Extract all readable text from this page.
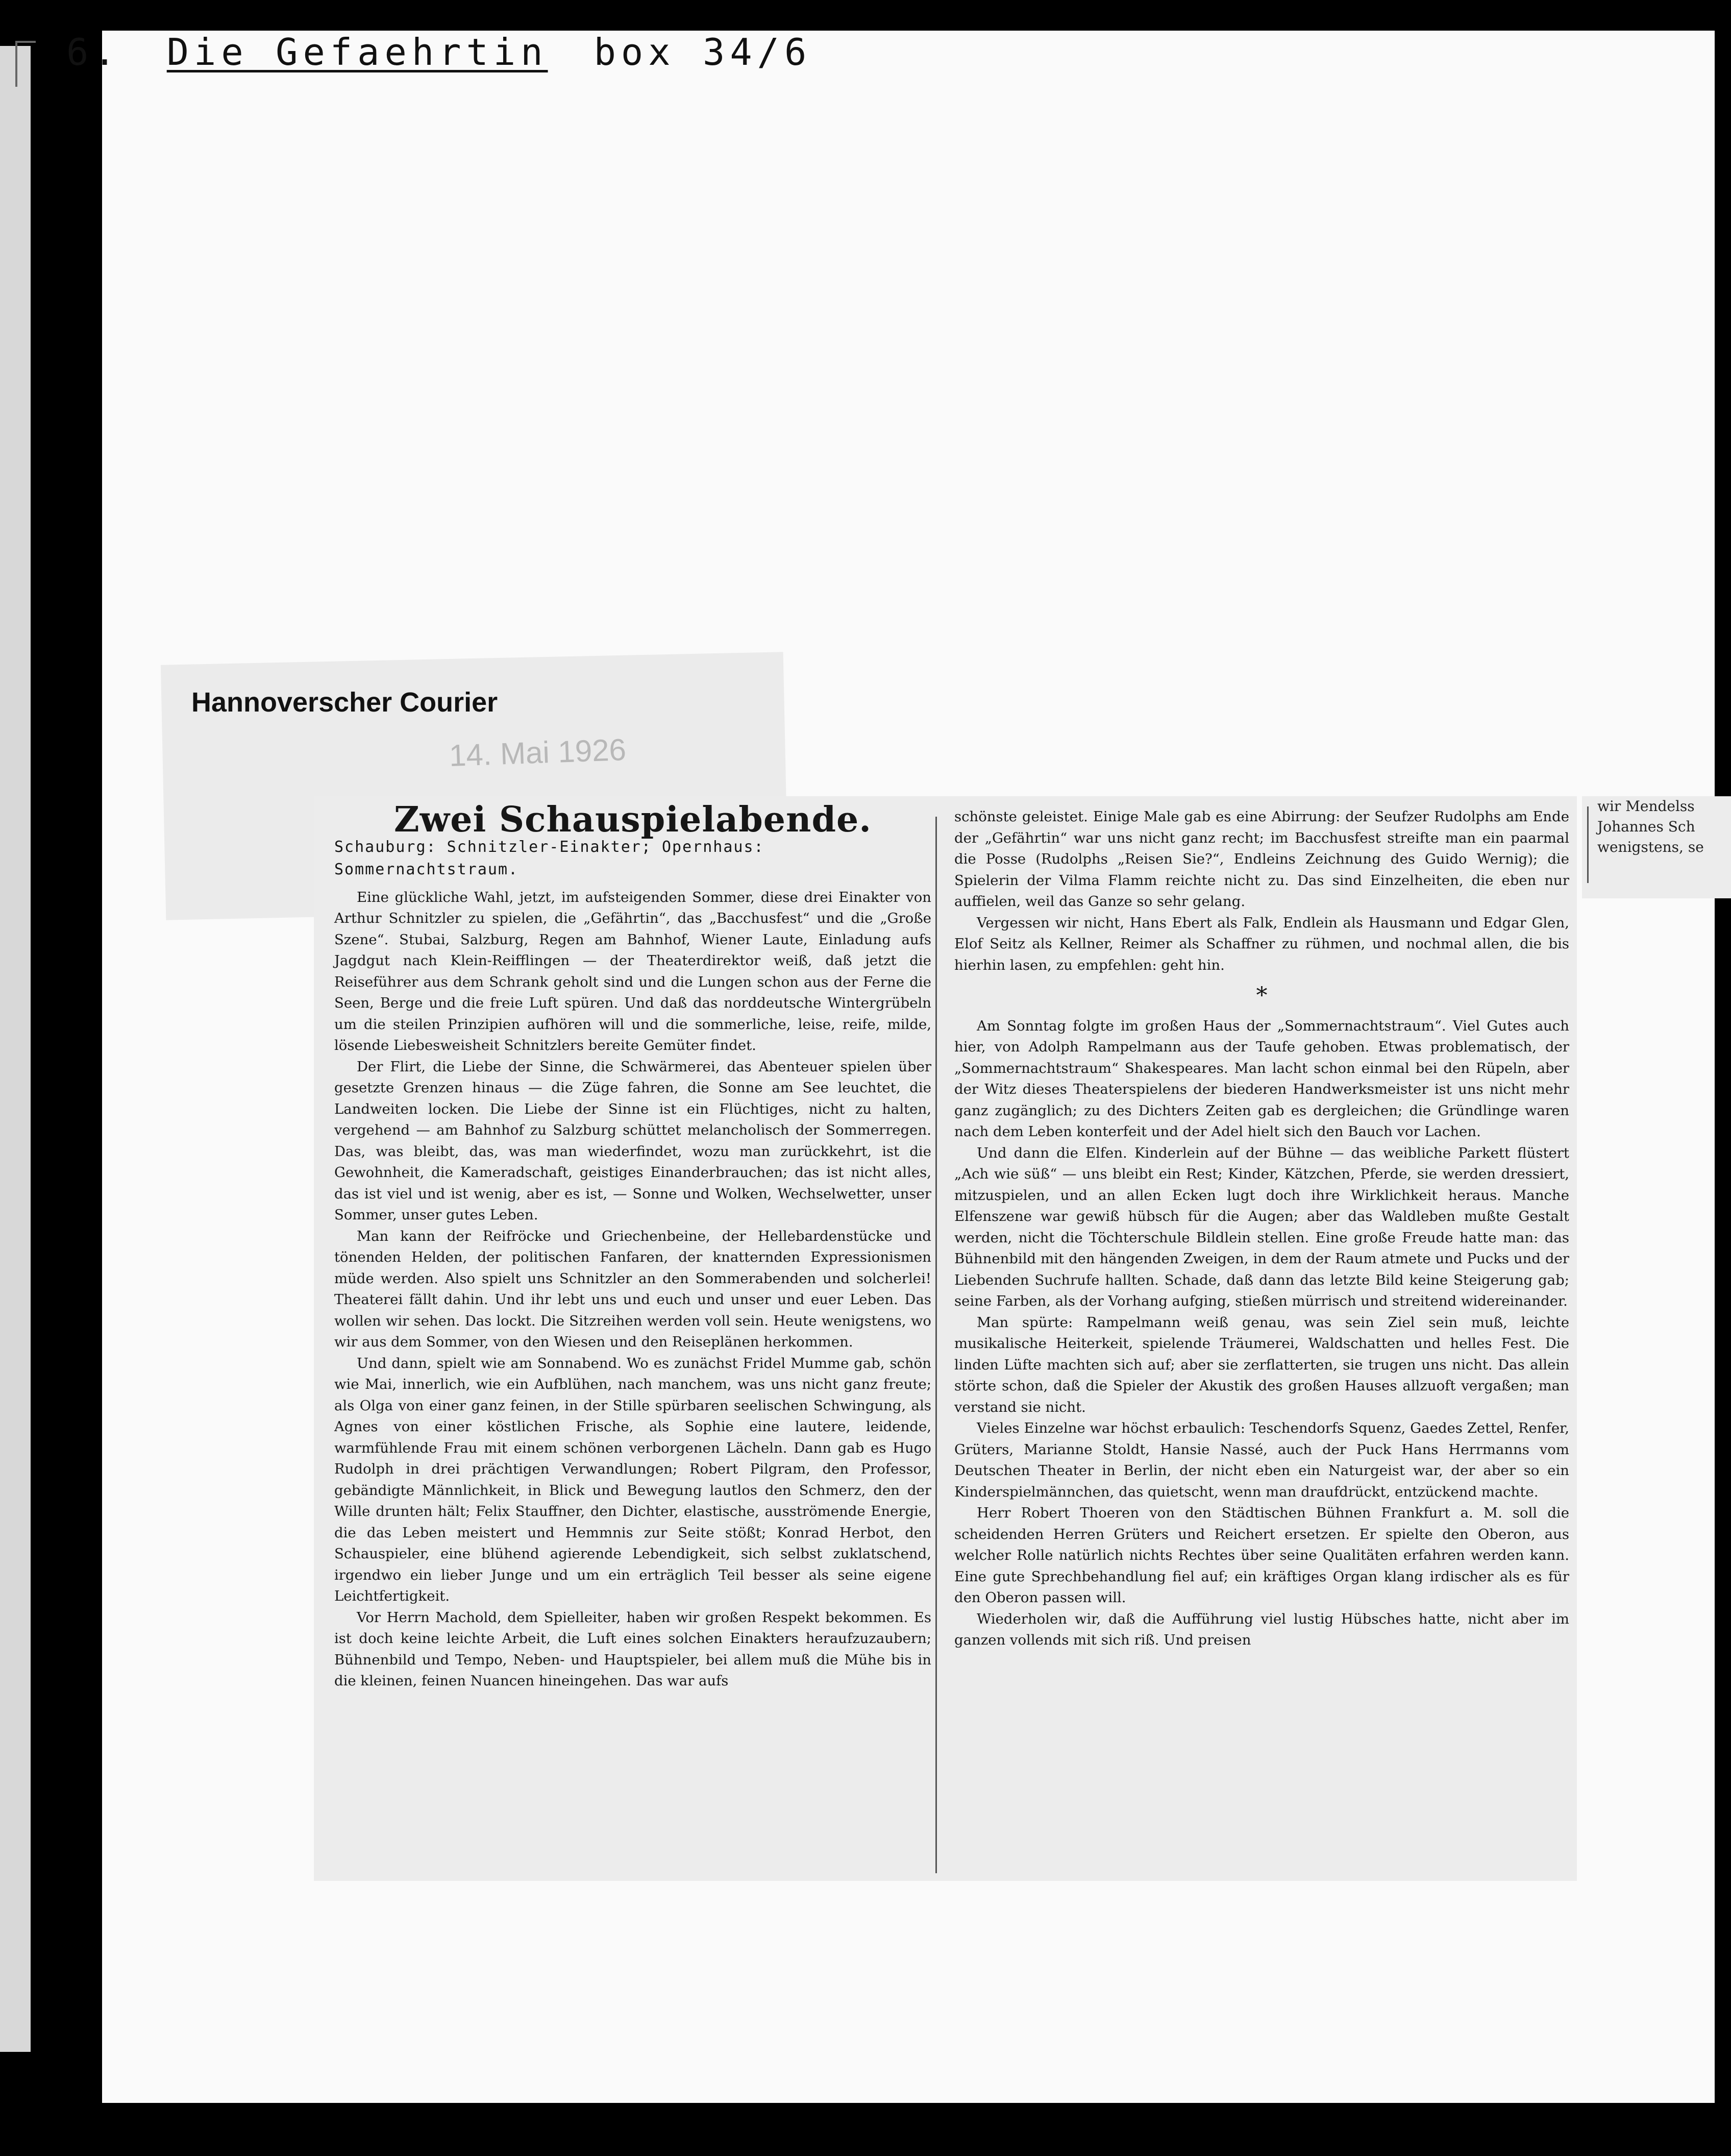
6. Die Gefaehrtin box 34/6
Hannoverscher Courier
14. Mai 1926
Zwei Schauspielabende.
Schauburg: Schnitzler-Einakter; Opernhaus: Sommernachtstraum.

Eine glückliche Wahl, jetzt, im aufsteigenden Sommer, diese drei Einakter von Arthur Schnitzler zu spielen, die „Gefährtin“, das „Bacchusfest“ und die „Große Szene“. Stubai, Salzburg, Regen am Bahnhof, Wiener Laute, Einladung aufs Jagdgut nach Klein-Reifflingen — der Theaterdirektor weiß, daß jetzt die Reiseführer aus dem Schrank geholt sind und die Lungen schon aus der Ferne die Seen, Berge und die freie Luft spüren. Und daß das norddeutsche Wintergrübeln um die steilen Prinzipien aufhören will und die sommerliche, leise, reife, milde, lösende Liebesweisheit Schnitzlers bereite Gemüter findet.

Der Flirt, die Liebe der Sinne, die Schwärmerei, das Abenteuer spielen über gesetzte Grenzen hinaus — die Züge fahren, die Sonne am See leuchtet, die Landweiten locken. Die Liebe der Sinne ist ein Flüchtiges, nicht zu halten, vergehend — am Bahnhof zu Salzburg schüttet melancholisch der Sommerregen. Das, was bleibt, das, was man wiederfindet, wozu man zurückkehrt, ist die Gewohnheit, die Kameradschaft, geistiges Einanderbrauchen; das ist nicht alles, das ist viel und ist wenig, aber es ist, — Sonne und Wolken, Wechselwetter, unser Sommer, unser gutes Leben.

Man kann der Reifröcke und Griechenbeine, der Hellebardenstücke und tönenden Helden, der politischen Fanfaren, der knatternden Expressionismen müde werden. Also spielt uns Schnitzler an den Sommerabenden und solcherlei! Theaterei fällt dahin. Und ihr lebt uns und euch und unser und euer Leben. Das wollen wir sehen. Das lockt. Die Sitzreihen werden voll sein. Heute wenigstens, wo wir aus dem Sommer, von den Wiesen und den Reiseplänen herkommen.

Und dann, spielt wie am Sonnabend. Wo es zunächst Fridel Mumme gab, schön wie Mai, innerlich, wie ein Aufblühen, nach manchem, was uns nicht ganz freute; als Olga von einer ganz feinen, in der Stille spürbaren seelischen Schwingung, als Agnes von einer köstlichen Frische, als Sophie eine lautere, leidende, warmfühlende Frau mit einem schönen verborgenen Lächeln. Dann gab es Hugo Rudolph in drei prächtigen Verwandlungen; Robert Pilgram, den Professor, gebändigte Männlichkeit, in Blick und Bewegung lautlos den Schmerz, den der Wille drunten hält; Felix Stauffner, den Dichter, elastische, ausströmende Energie, die das Leben meistert und Hemmnis zur Seite stößt; Konrad Herbot, den Schauspieler, eine blühend agierende Lebendigkeit, sich selbst zuklatschend, irgendwo ein lieber Junge und um ein erträglich Teil besser als seine eigene Leichtfertigkeit.

Vor Herrn Machold, dem Spielleiter, haben wir großen Respekt bekommen. Es ist doch keine leichte Arbeit, die Luft eines solchen Einakters heraufzuzaubern; Bühnenbild und Tempo, Neben- und Hauptspieler, bei allem muß die Mühe bis in die kleinen, feinen Nuancen hineingehen. Das war aufs

schönste geleistet. Einige Male gab es eine Abirrung: der Seufzer Rudolphs am Ende der „Gefährtin“ war uns nicht ganz recht; im Bacchusfest streifte man ein paarmal die Posse (Rudolphs „Reisen Sie?“, Endleins Zeichnung des Guido Wernig); die Spielerin der Vilma Flamm reichte nicht zu. Das sind Einzelheiten, die eben nur auffielen, weil das Ganze so sehr gelang.

Vergessen wir nicht, Hans Ebert als Falk, Endlein als Hausmann und Edgar Glen, Elof Seitz als Kellner, Reimer als Schaffner zu rühmen, und nochmal allen, die bis hierhin lasen, zu empfehlen: geht hin.

*

Am Sonntag folgte im großen Haus der „Sommernachtstraum“. Viel Gutes auch hier, von Adolph Rampelmann aus der Taufe gehoben. Etwas problematisch, der „Sommernachtstraum“ Shakespeares. Man lacht schon einmal bei den Rüpeln, aber der Witz dieses Theaterspielens der biederen Handwerksmeister ist uns nicht mehr ganz zugänglich; zu des Dichters Zeiten gab es dergleichen; die Gründlinge waren nach dem Leben konterfeit und der Adel hielt sich den Bauch vor Lachen.

Und dann die Elfen. Kinderlein auf der Bühne — das weibliche Parkett flüstert „Ach wie süß“ — uns bleibt ein Rest; Kinder, Kätzchen, Pferde, sie werden dressiert, mitzuspielen, und an allen Ecken lugt doch ihre Wirklichkeit heraus. Manche Elfenszene war gewiß hübsch für die Augen; aber das Waldleben mußte Gestalt werden, nicht die Töchterschule Bildlein stellen. Eine große Freude hatte man: das Bühnenbild mit den hängenden Zweigen, in dem der Raum atmete und Pucks und der Liebenden Suchrufe hallten. Schade, daß dann das letzte Bild keine Steigerung gab; seine Farben, als der Vorhang aufging, stießen mürrisch und streitend widereinander.

Man spürte: Rampelmann weiß genau, was sein Ziel sein muß, leichte musikalische Heiterkeit, spielende Träumerei, Waldschatten und helles Fest. Die linden Lüfte machten sich auf; aber sie zerflatterten, sie trugen uns nicht. Das allein störte schon, daß die Spieler der Akustik des großen Hauses allzuoft vergaßen; man verstand sie nicht.

Vieles Einzelne war höchst erbaulich: Teschendorfs Squenz, Gaedes Zettel, Renfer, Grüters, Marianne Stoldt, Hansie Nassé, auch der Puck Hans Herrmanns vom Deutschen Theater in Berlin, der nicht eben ein Naturgeist war, der aber so ein Kinderspielmännchen, das quietscht, wenn man draufdrückt, entzückend machte.

Herr Robert Thoeren von den Städtischen Bühnen Frankfurt a. M. soll die scheidenden Herren Grüters und Reichert ersetzen. Er spielte den Oberon, aus welcher Rolle natürlich nichts Rechtes über seine Qualitäten erfahren werden kann. Eine gute Sprechbehandlung fiel auf; ein kräftiges Organ klang irdischer als es für den Oberon passen will.

Wiederholen wir, daß die Aufführung viel lustig Hübsches hatte, nicht aber im ganzen vollends mit sich riß. Und preisen

wir Mendelss
Johannes Sch
wenigstens, se
